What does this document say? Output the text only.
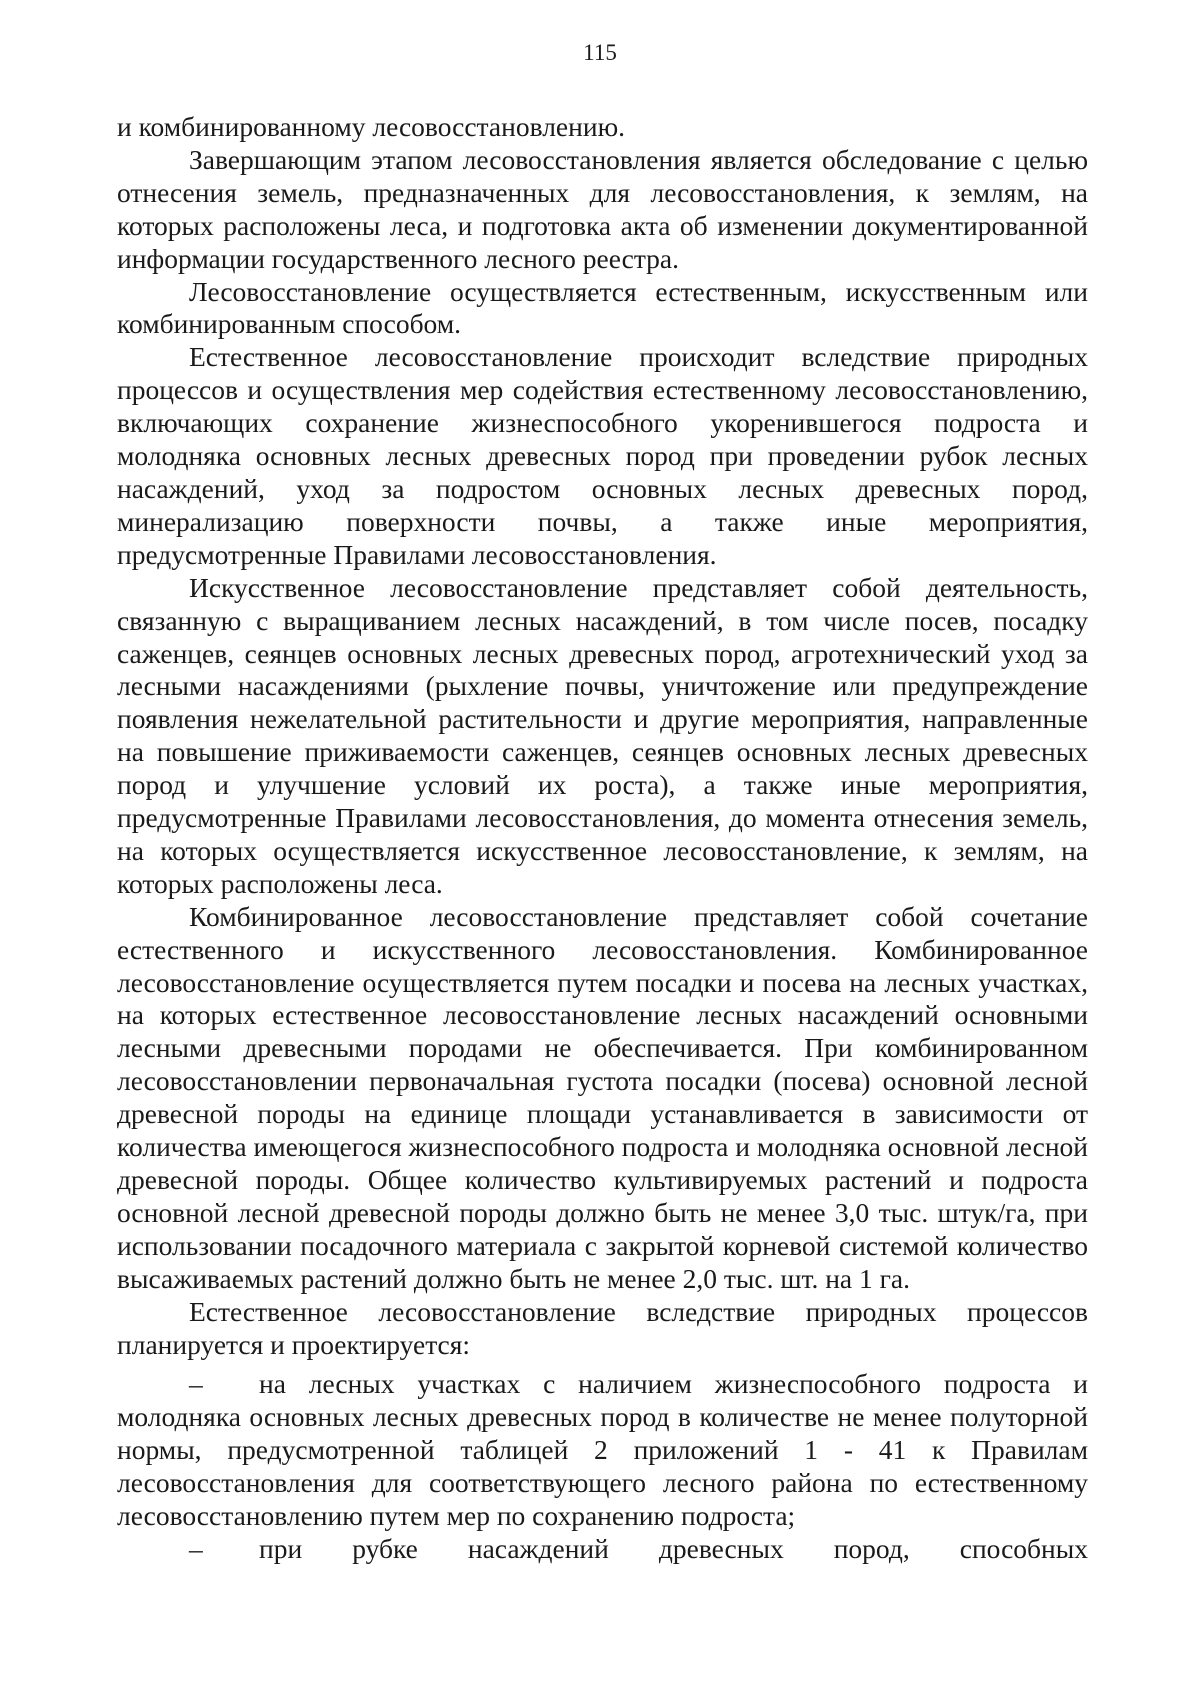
115

и комбинированному лесовосстановлению.

Завершающим этапом лесовосстановления является обследование с целью отнесения земель, предназначенных для лесовосстановления, к землям, на которых расположены леса, и подготовка акта об изменении документированной информации государственного лесного реестра.

Лесовосстановление осуществляется естественным, искусственным или комбинированным способом.

Естественное лесовосстановление происходит вследствие природных процессов и осуществления мер содействия естественному лесовосстановлению, включающих сохранение жизнеспособного укоренившегося подроста и молодняка основных лесных древесных пород при проведении рубок лесных насаждений, уход за подростом основных лесных древесных пород, минерализацию поверхности почвы, а также иные мероприятия, предусмотренные Правилами лесовосстановления.

Искусственное лесовосстановление представляет собой деятельность, связанную с выращиванием лесных насаждений, в том числе посев, посадку саженцев, сеянцев основных лесных древесных пород, агротехнический уход за лесными насаждениями (рыхление почвы, уничтожение или предупреждение появления нежелательной растительности и другие мероприятия, направленные на повышение приживаемости саженцев, сеянцев основных лесных древесных пород и улучшение условий их роста), а также иные мероприятия, предусмотренные Правилами лесовосстановления, до момента отнесения земель, на которых осуществляется искусственное лесовосстановление, к землям, на которых расположены леса.

Комбинированное лесовосстановление представляет собой сочетание естественного и искусственного лесовосстановления. Комбинированное лесовосстановление осуществляется путем посадки и посева на лесных участках, на которых естественное лесовосстановление лесных насаждений основными лесными древесными породами не обеспечивается. При комбинированном лесовосстановлении первоначальная густота посадки (посева) основной лесной древесной породы на единице площади устанавливается в зависимости от количества имеющегося жизнеспособного подроста и молодняка основной лесной древесной породы. Общее количество культивируемых растений и подроста основной лесной древесной породы должно быть не менее 3,0 тыс. штук/га, при использовании посадочного материала с закрытой корневой системой количество высаживаемых растений должно быть не менее 2,0 тыс. шт. на 1 га.

Естественное лесовосстановление вследствие природных процессов планируется и проектируется:

– на лесных участках с наличием жизнеспособного подроста и молодняка основных лесных древесных пород в количестве не менее полуторной нормы, предусмотренной таблицей 2 приложений 1 - 41 к Правилам лесовосстановления для соответствующего лесного района по естественному лесовосстановлению путем мер по сохранению подроста;

– при рубке насаждений древесных пород, способных
